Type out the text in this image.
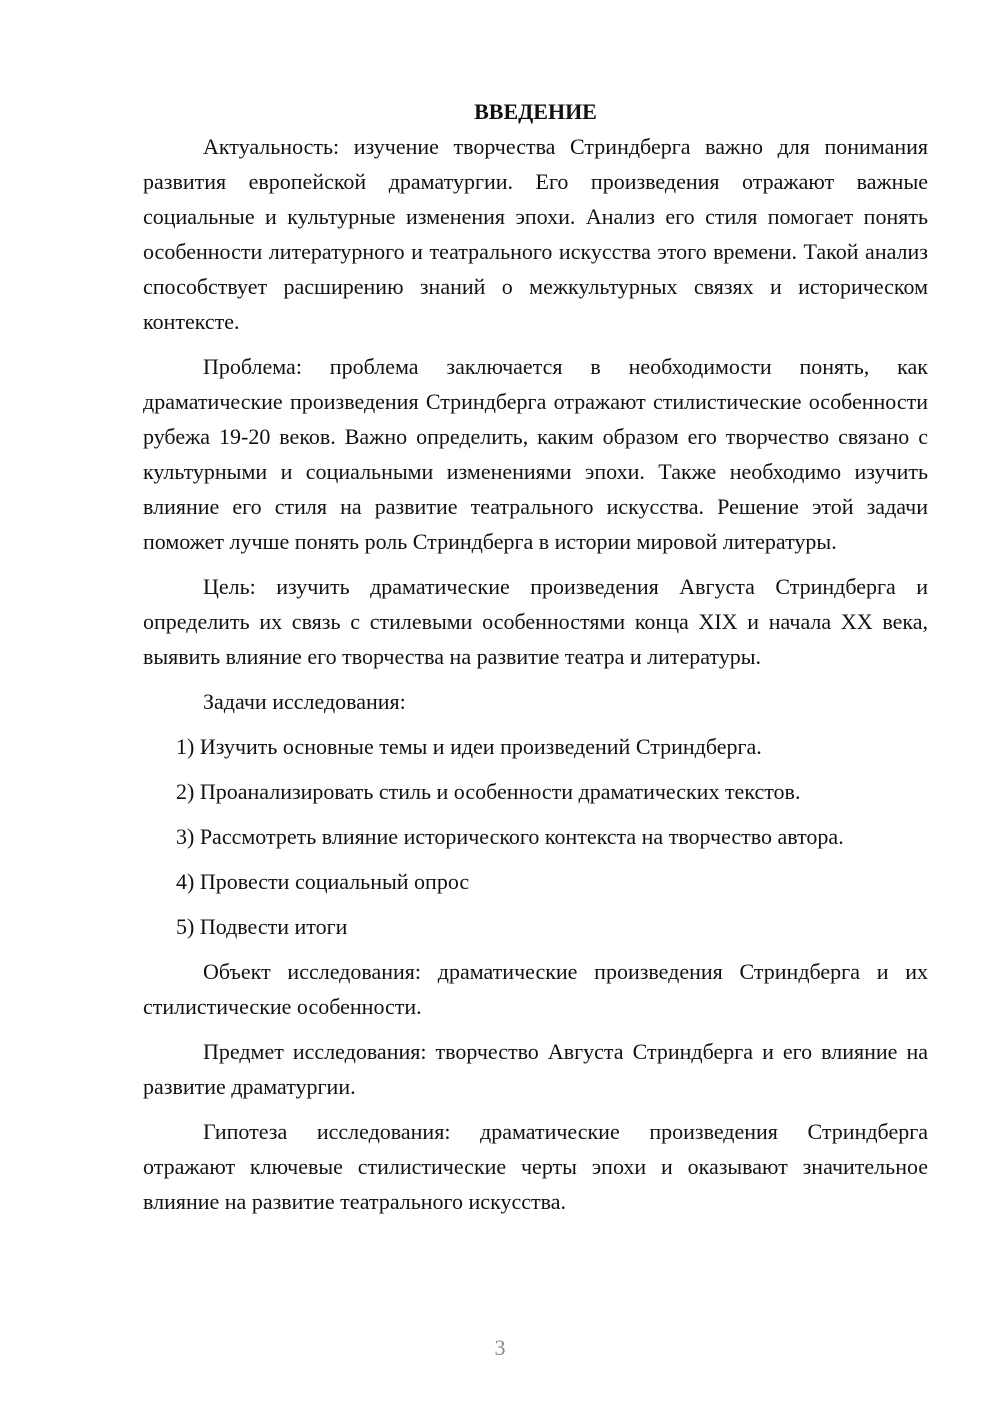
ВВЕДЕНИЕ

Актуальность: изучение творчества Стриндберга важно для понимания развития европейской драматургии. Его произведения отражают важные социальные и культурные изменения эпохи. Анализ его стиля помогает понять особенности литературного и театрального искусства этого времени. Такой анализ способствует расширению знаний о межкультурных связях и историческом контексте.

Проблема: проблема заключается в необходимости понять, как драматические произведения Стриндберга отражают стилистические особенности рубежа 19-20 веков. Важно определить, каким образом его творчество связано с культурными и социальными изменениями эпохи. Также необходимо изучить влияние его стиля на развитие театрального искусства. Решение этой задачи поможет лучше понять роль Стриндберга в истории мировой литературы.

Цель: изучить драматические произведения Августа Стриндберга и определить их связь с стилевыми особенностями конца XIX и начала XX века, выявить влияние его творчества на развитие театра и литературы.

Задачи исследования:

1) Изучить основные темы и идеи произведений Стриндберга.

2) Проанализировать стиль и особенности драматических текстов.

3) Рассмотреть влияние исторического контекста на творчество автора.

4) Провести социальный опрос

5) Подвести итоги

Объект исследования: драматические произведения Стриндберга и их стилистические особенности.

Предмет исследования: творчество Августа Стриндберга и его влияние на развитие драматургии.

Гипотеза исследования: драматические произведения Стриндберга отражают ключевые стилистические черты эпохи и оказывают значительное влияние на развитие театрального искусства.

3
